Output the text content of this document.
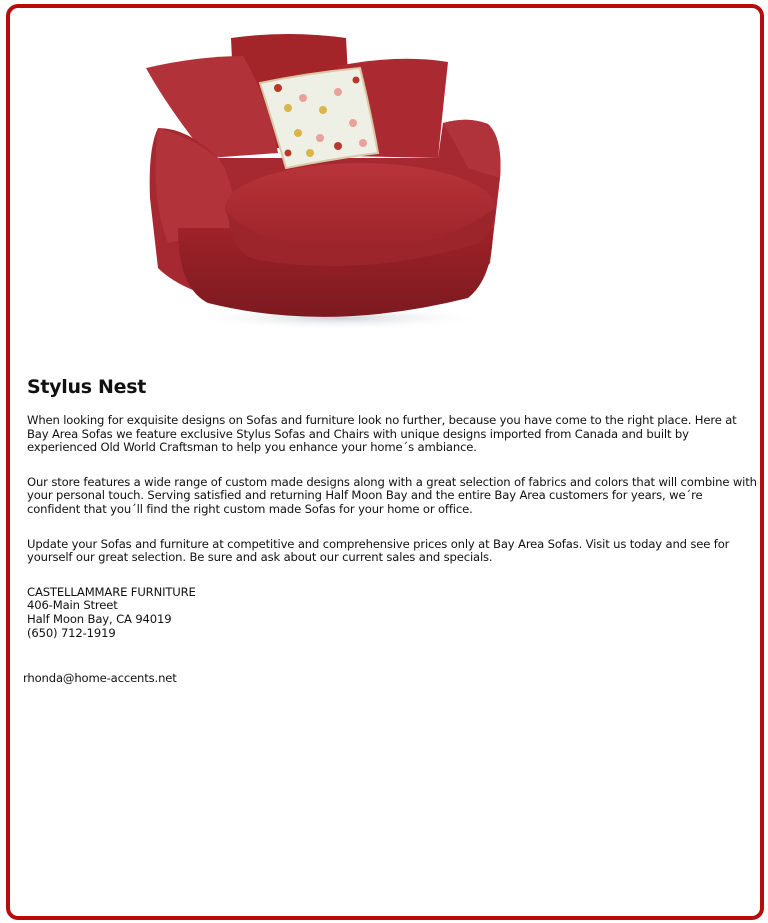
Stylus Nest

When looking for exquisite designs on Sofas and furniture look no further, because you have come to the right place. Here at Bay Area Sofas we feature exclusive Stylus Sofas and Chairs with unique designs imported from Canada and built by experienced Old World Craftsman to help you enhance your home´s ambiance.

Our store features a wide range of custom made designs along with a great selection of fabrics and colors that will combine with your personal touch. Serving satisfied and returning Half Moon Bay and the entire Bay Area customers for years, we´re confident that you´ll find the right custom made Sofas for your home or office.

Update your Sofas and furniture at competitive and comprehensive prices only at Bay Area Sofas. Visit us today and see for yourself our great selection. Be sure and ask about our current sales and specials.

CASTELLAMMARE FURNITURE
406-Main Street
Half Moon Bay, CA 94019
(650) 712-1919
rhonda@home-accents.net
